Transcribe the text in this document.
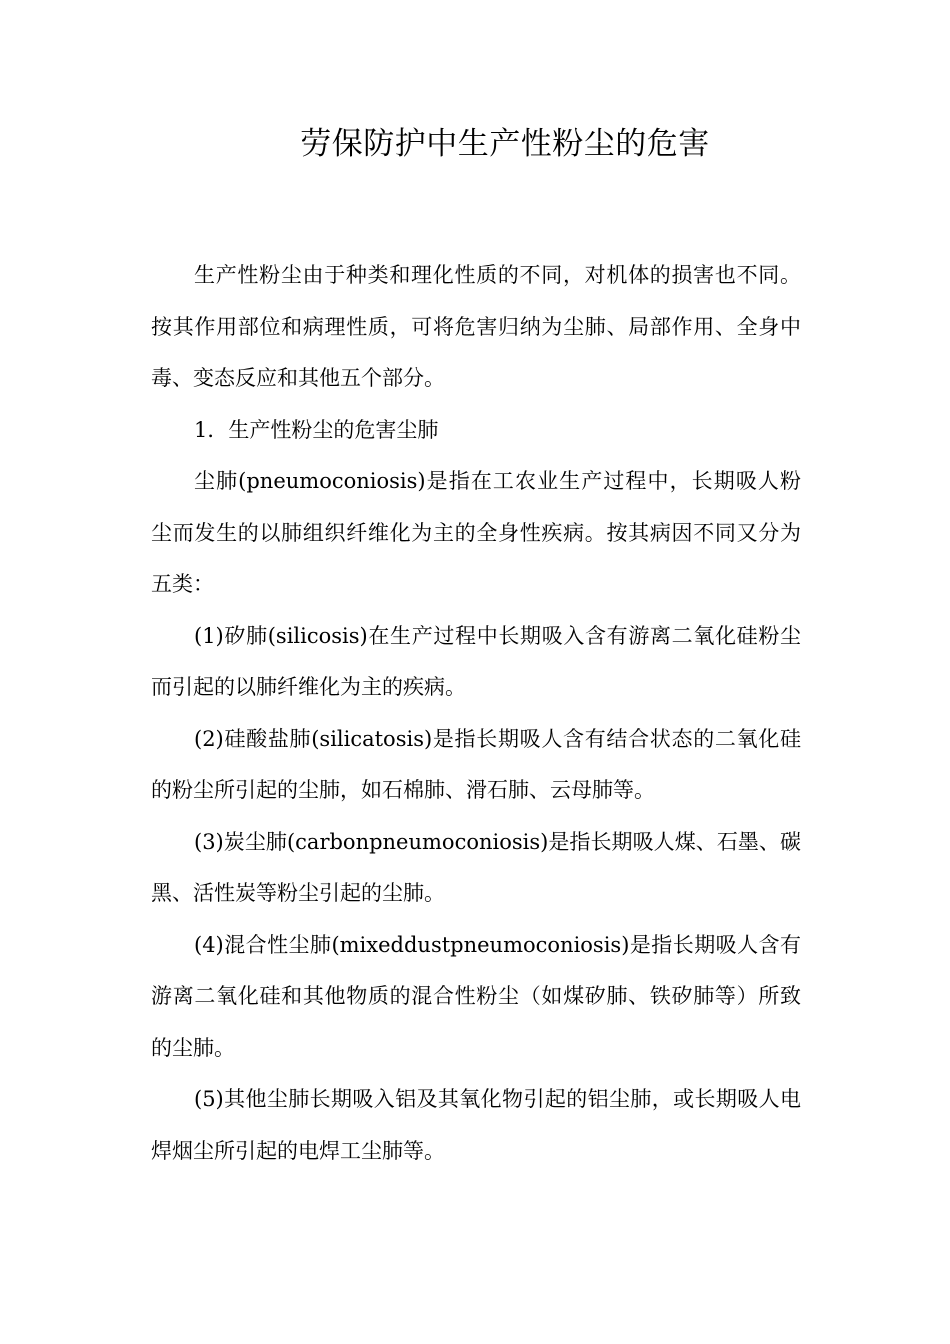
劳保防护中生产性粉尘的危害

生产性粉尘由于种类和理化性质的不同，对机体的损害也不同。按其作用部位和病理性质，可将危害归纳为尘肺、局部作用、全身中毒、变态反应和其他五个部分。

1．生产性粉尘的危害尘肺

尘肺(pneumoconiosis)是指在工农业生产过程中，长期吸人粉尘而发生的以肺组织纤维化为主的全身性疾病。按其病因不同又分为五类：

(1)矽肺(silicosis)在生产过程中长期吸入含有游离二氧化硅粉尘而引起的以肺纤维化为主的疾病。

(2)硅酸盐肺(silicatosis)是指长期吸人含有结合状态的二氧化硅的粉尘所引起的尘肺，如石棉肺、滑石肺、云母肺等。

(3)炭尘肺(carbonpneumoconiosis)是指长期吸人煤、石墨、碳黑、活性炭等粉尘引起的尘肺。

(4)混合性尘肺(mixeddustpneumoconiosis)是指长期吸人含有游离二氧化硅和其他物质的混合性粉尘（如煤矽肺、铁矽肺等）所致的尘肺。

(5)其他尘肺长期吸入铝及其氧化物引起的铝尘肺，或长期吸人电焊烟尘所引起的电焊工尘肺等。
